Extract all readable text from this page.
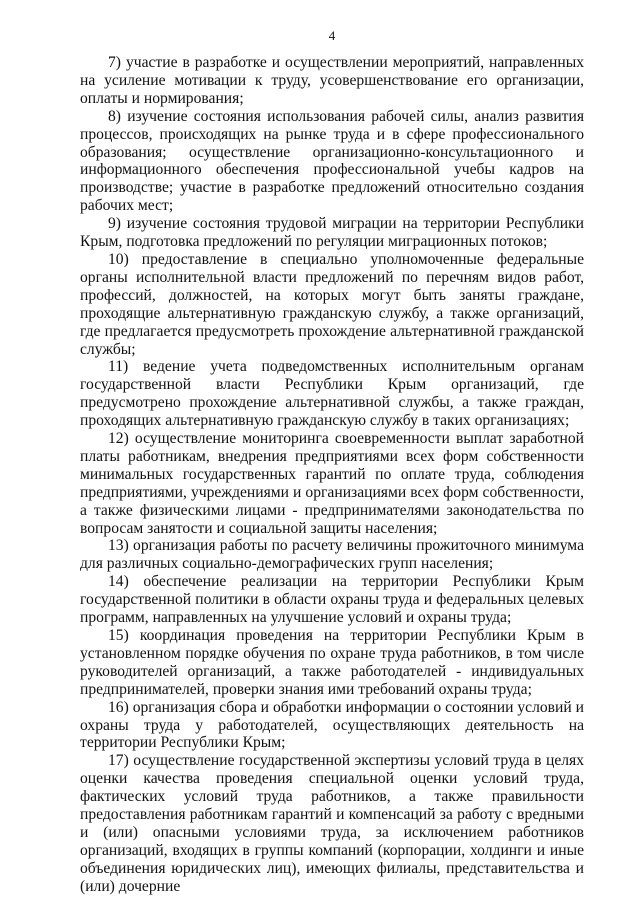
4

7) участие в разработке и осуществлении мероприятий, направленных на усиление мотивации к труду, усовершенствование его организации, оплаты и нормирования;

8) изучение состояния использования рабочей силы, анализ развития процессов, происходящих на рынке труда и в сфере профессионального образования; осуществление организационно-консультационного и информационного обеспечения профессиональной учебы кадров на производстве; участие в разработке предложений относительно создания рабочих мест;

9) изучение состояния трудовой миграции на территории Республики Крым, подготовка предложений по регуляции миграционных потоков;

10) предоставление в специально уполномоченные федеральные органы исполнительной власти предложений по перечням видов работ, профессий, должностей, на которых могут быть заняты граждане, проходящие альтернативную гражданскую службу, а также организаций, где предлагается предусмотреть прохождение альтернативной гражданской службы;

11) ведение учета подведомственных исполнительным органам государственной власти Республики Крым организаций, где предусмотрено прохождение альтернативной службы, а также граждан, проходящих альтернативную гражданскую службу в таких организациях;

12) осуществление мониторинга своевременности выплат заработной платы работникам, внедрения предприятиями всех форм собственности минимальных государственных гарантий по оплате труда, соблюдения предприятиями, учреждениями и организациями всех форм собственности, а также физическими лицами - предпринимателями законодательства по вопросам занятости и социальной защиты населения;

13) организация работы по расчету величины прожиточного минимума для различных социально-демографических групп населения;

14) обеспечение реализации на территории Республики Крым государственной политики в области охраны труда и федеральных целевых программ, направленных на улучшение условий и охраны труда;

15) координация проведения на территории Республики Крым в установленном порядке обучения по охране труда работников, в том числе руководителей организаций, а также работодателей - индивидуальных предпринимателей, проверки знания ими требований охраны труда;

16) организация сбора и обработки информации о состоянии условий и охраны труда у работодателей, осуществляющих деятельность на территории Республики Крым;

17) осуществление государственной экспертизы условий труда в целях оценки качества проведения специальной оценки условий труда, фактических условий труда работников, а также правильности предоставления работникам гарантий и компенсаций за работу с вредными и (или) опасными условиями труда, за исключением работников организаций, входящих в группы компаний (корпорации, холдинги и иные объединения юридических лиц), имеющих филиалы, представительства и (или) дочерние
